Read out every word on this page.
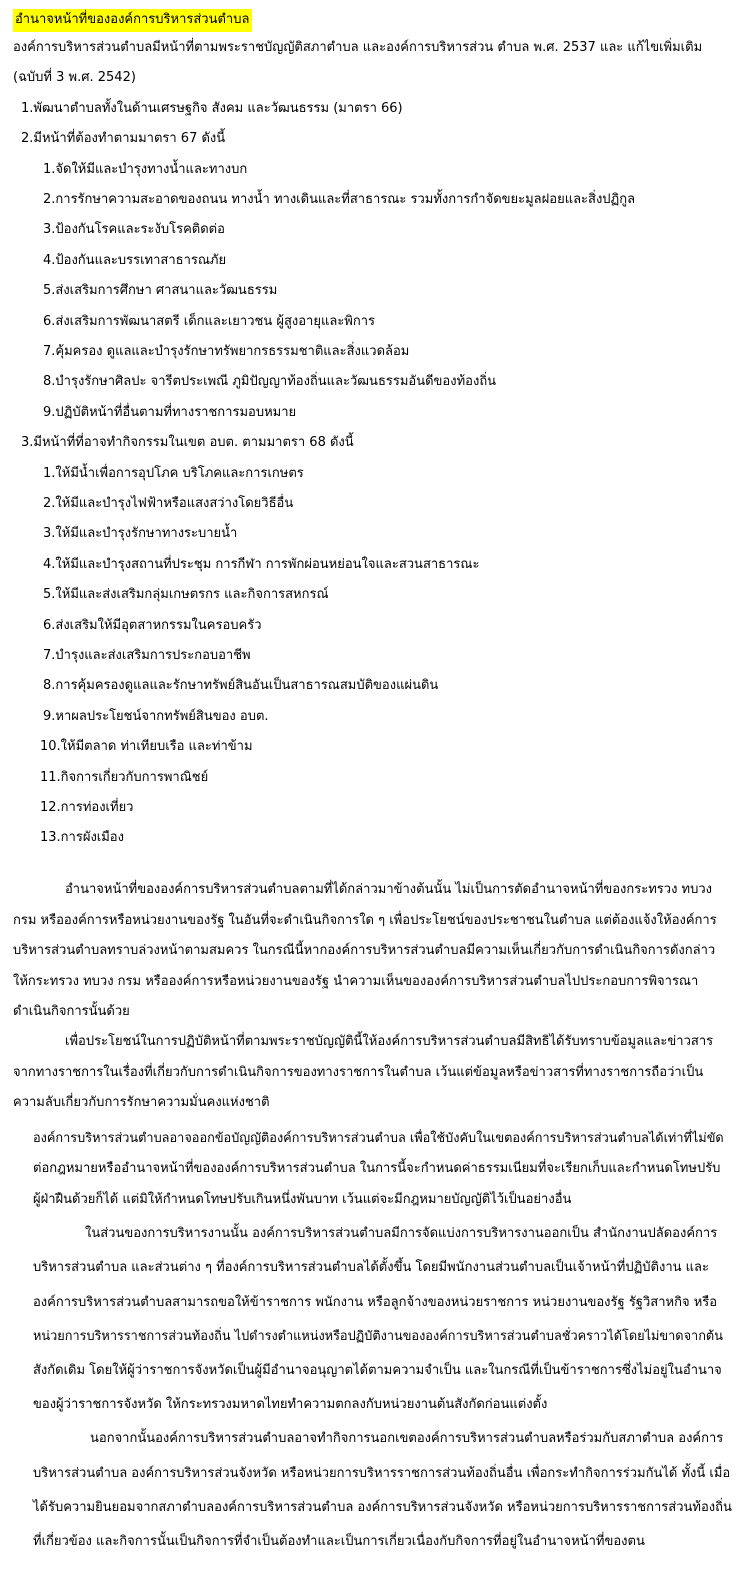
อำนาจหน้าที่ขององค์การบริหารส่วนตำบล
องค์การบริหารส่วนตำบลมีหน้าที่ตามพระราชบัญญัติสภาตำบล และองค์การบริหารส่วน ตำบล พ.ศ. 2537 และ แก้ไขเพิ่มเติม
(ฉบับที่ 3 พ.ศ. 2542)
1.พัฒนาตำบลทั้งในด้านเศรษฐกิจ สังคม และวัฒนธรรม (มาตรา 66)
2.มีหน้าที่ต้องทำตามมาตรา 67 ดังนี้
1.จัดให้มีและบำรุงทางน้ำและทางบก
2.การรักษาความสะอาดของถนน ทางน้ำ ทางเดินและที่สาธารณะ รวมทั้งการกำจัดขยะมูลฝอยและสิ่งปฏิกูล
3.ป้องกันโรคและระงับโรคติดต่อ
4.ป้องกันและบรรเทาสาธารณภัย
5.ส่งเสริมการศึกษา ศาสนาและวัฒนธรรม
6.ส่งเสริมการพัฒนาสตรี เด็กและเยาวชน ผู้สูงอายุและพิการ
7.คุ้มครอง ดูแลและบำรุงรักษาทรัพยากรธรรมชาติและสิ่งแวดล้อม
8.บำรุงรักษาศิลปะ จารีตประเพณี ภูมิปัญญาท้องถิ่นและวัฒนธรรมอันดีของท้องถิ่น
9.ปฏิบัติหน้าที่อื่นตามที่ทางราชการมอบหมาย
3.มีหน้าที่ที่อาจทำกิจกรรมในเขต อบต. ตามมาตรา 68 ดังนี้
1.ให้มีน้ำเพื่อการอุปโภค บริโภคและการเกษตร
2.ให้มีและบำรุงไฟฟ้าหรือแสงสว่างโดยวิธีอื่น
3.ให้มีและบำรุงรักษาทางระบายน้ำ
4.ให้มีและบำรุงสถานที่ประชุม การกีฬา การพักผ่อนหย่อนใจและสวนสาธารณะ
5.ให้มีและส่งเสริมกลุ่มเกษตรกร และกิจการสหกรณ์
6.ส่งเสริมให้มีอุตสาหกรรมในครอบครัว
7.บำรุงและส่งเสริมการประกอบอาชีพ
8.การคุ้มครองดูแลและรักษาทรัพย์สินอันเป็นสาธารณสมบัติของแผ่นดิน
9.หาผลประโยชน์จากทรัพย์สินของ อบต.
10.ให้มีตลาด ท่าเทียบเรือ และท่าข้าม
11.กิจการเกี่ยวกับการพาณิชย์
12.การท่องเที่ยว
13.การผังเมือง
อำนาจหน้าที่ขององค์การบริหารส่วนตำบลตามที่ได้กล่าวมาข้างต้นนั้น ไม่เป็นการตัดอำนาจหน้าที่ของกระทรวง ทบวง
กรม หรือองค์การหรือหน่วยงานของรัฐ ในอันที่จะดำเนินกิจการใด ๆ เพื่อประโยชน์ของประชาชนในตำบล แต่ต้องแจ้งให้องค์การ
บริหารส่วนตำบลทราบล่วงหน้าตามสมควร ในกรณีนี้หากองค์การบริหารส่วนตำบลมีความเห็นเกี่ยวกับการดำเนินกิจการดังกล่าว
ให้กระทรวง ทบวง กรม หรือองค์การหรือหน่วยงานของรัฐ นำความเห็นขององค์การบริหารส่วนตำบลไปประกอบการพิจารณา
ดำเนินกิจการนั้นด้วย
เพื่อประโยชน์ในการปฏิบัติหน้าที่ตามพระราชบัญญัตินี้ให้องค์การบริหารส่วนตำบลมีสิทธิได้รับทราบข้อมูลและข่าวสาร
จากทางราชการในเรื่องที่เกี่ยวกับการดำเนินกิจการของทางราชการในตำบล เว้นแต่ข้อมูลหรือข่าวสารที่ทางราชการถือว่าเป็น
ความลับเกี่ยวกับการรักษาความมั่นคงแห่งชาติ
องค์การบริหารส่วนตำบลอาจออกข้อบัญญัติองค์การบริหารส่วนตำบล เพื่อใช้บังคับในเขตองค์การบริหารส่วนตำบลได้เท่าที่ไม่ขัด
ต่อกฎหมายหรืออำนาจหน้าที่ขององค์การบริหารส่วนตำบล ในการนี้จะกำหนดค่าธรรมเนียมที่จะเรียกเก็บและกำหนดโทษปรับ
ผู้ฝ่าฝืนด้วยก็ได้ แต่มิให้กำหนดโทษปรับเกินหนึ่งพันบาท เว้นแต่จะมีกฎหมายบัญญัติไว้เป็นอย่างอื่น
ในส่วนของการบริหารงานนั้น องค์การบริหารส่วนตำบลมีการจัดแบ่งการบริหารงานออกเป็น สำนักงานปลัดองค์การ
บริหารส่วนตำบล และส่วนต่าง ๆ ที่องค์การบริหารส่วนตำบลได้ตั้งขึ้น โดยมีพนักงานส่วนตำบลเป็นเจ้าหน้าที่ปฏิบัติงาน และ
องค์การบริหารส่วนตำบลสามารถขอให้ข้าราชการ พนักงาน หรือลูกจ้างของหน่วยราชการ หน่วยงานของรัฐ รัฐวิสาหกิจ หรือ
หน่วยการบริหารราชการส่วนท้องถิ่น ไปดำรงตำแหน่งหรือปฏิบัติงานขององค์การบริหารส่วนตำบลชั่วคราวได้โดยไม่ขาดจากต้น
สังกัดเดิม โดยให้ผู้ว่าราชการจังหวัดเป็นผู้มีอำนาจอนุญาตได้ตามความจำเป็น และในกรณีที่เป็นข้าราชการซึ่งไม่อยู่ในอำนาจ
ของผู้ว่าราชการจังหวัด ให้กระทรวงมหาดไทยทำความตกลงกับหน่วยงานต้นสังกัดก่อนแต่งตั้ง
นอกจากนั้นองค์การบริหารส่วนตำบลอาจทำกิจการนอกเขตองค์การบริหารส่วนตำบลหรือร่วมกับสภาตำบล องค์การ
บริหารส่วนตำบล องค์การบริหารส่วนจังหวัด หรือหน่วยการบริหารราชการส่วนท้องถิ่นอื่น เพื่อกระทำกิจการร่วมกันได้ ทั้งนี้ เมื่อ
ได้รับความยินยอมจากสภาตำบลองค์การบริหารส่วนตำบล องค์การบริหารส่วนจังหวัด หรือหน่วยการบริหารราชการส่วนท้องถิ่น
ที่เกี่ยวข้อง และกิจการนั้นเป็นกิจการที่จำเป็นต้องทำและเป็นการเกี่ยวเนื่องกับกิจการที่อยู่ในอำนาจหน้าที่ของตน
